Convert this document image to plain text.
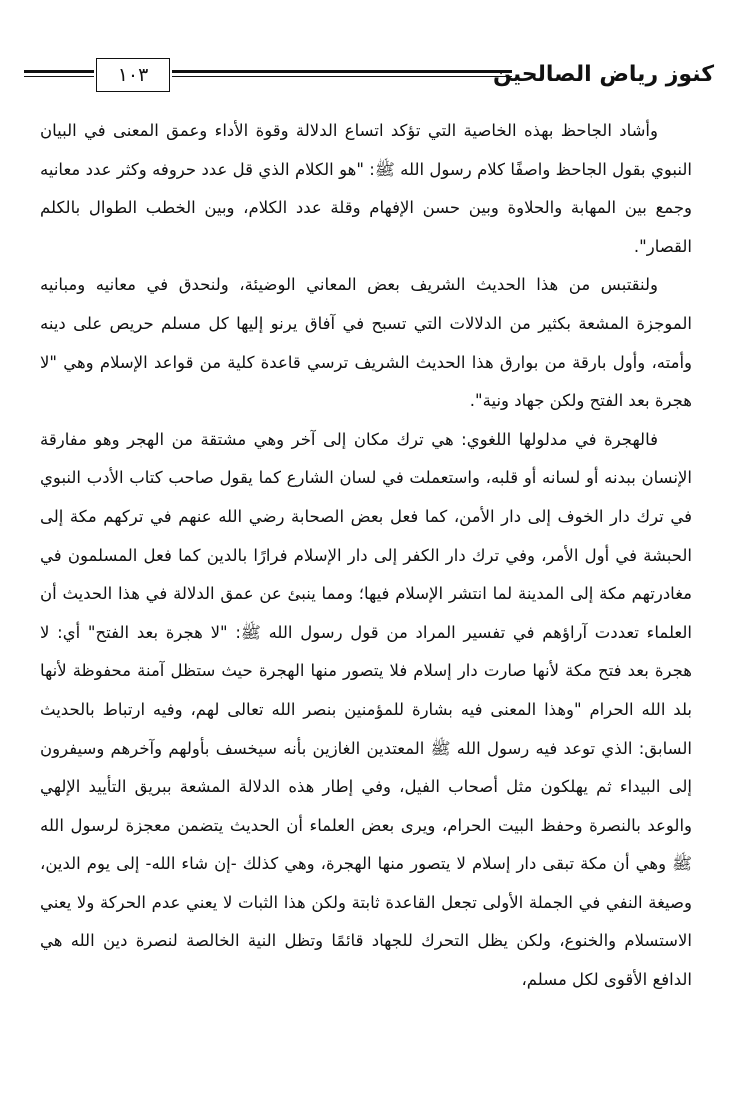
١٠٣	كنوز رياض الصالحين

وأشاد الجاحظ بهذه الخاصية التي تؤكد اتساع الدلالة وقوة الأداء وعمق المعنى في البيان النبوي بقول الجاحظ واصفًا كلام رسول الله ﷺ: "هو الكلام الذي قل عدد حروفه وكثر عدد معانيه وجمع بين المهابة والحلاوة وبين حسن الإفهام وقلة عدد الكلام، وبين الخطب الطوال بالكلم القصار".

ولنقتبس من هذا الحديث الشريف بعض المعاني الوضيئة، ولنحدق في معانيه ومبانيه الموجزة المشعة بكثير من الدلالات التي تسبح في آفاق يرنو إليها كل مسلم حريص على دينه وأمته، وأول بارقة من بوارق هذا الحديث الشريف ترسي قاعدة كلية من قواعد الإسلام وهي "لا هجرة بعد الفتح ولكن جهاد ونية".

فالهجرة في مدلولها اللغوي: هي ترك مكان إلى آخر وهي مشتقة من الهجر وهو مفارقة الإنسان ببدنه أو لسانه أو قلبه، واستعملت في لسان الشارع كما يقول صاحب كتاب الأدب النبوي في ترك دار الخوف إلى دار الأمن، كما فعل بعض الصحابة رضي الله عنهم في تركهم مكة إلى الحبشة في أول الأمر، وفي ترك دار الكفر إلى دار الإسلام فرارًا بالدين كما فعل المسلمون في مغادرتهم مكة إلى المدينة لما انتشر الإسلام فيها؛ ومما ينبئ عن عمق الدلالة في هذا الحديث أن العلماء تعددت آراؤهم في تفسير المراد من قول رسول الله ﷺ: "لا هجرة بعد الفتح" أي: لا هجرة بعد فتح مكة لأنها صارت دار إسلام فلا يتصور منها الهجرة حيث ستظل آمنة محفوظة لأنها بلد الله الحرام "وهذا المعنى فيه بشارة للمؤمنين بنصر الله تعالى لهم، وفيه ارتباط بالحديث السابق: الذي توعد فيه رسول الله ﷺ المعتدين الغازين بأنه سيخسف بأولهم وآخرهم وسيفرون إلى البيداء ثم يهلكون مثل أصحاب الفيل، وفي إطار هذه الدلالة المشعة ببريق التأييد الإلهي والوعد بالنصرة وحفظ البيت الحرام، ويرى بعض العلماء أن الحديث يتضمن معجزة لرسول الله ﷺ وهي أن مكة تبقى دار إسلام لا يتصور منها الهجرة، وهي كذلك -إن شاء الله- إلى يوم الدين، وصيغة النفي في الجملة الأولى تجعل القاعدة ثابتة ولكن هذا الثبات لا يعني عدم الحركة ولا يعني الاستسلام والخنوع، ولكن يظل التحرك للجهاد قائمًا وتظل النية الخالصة لنصرة دين الله هي الدافع الأقوى لكل مسلم،
